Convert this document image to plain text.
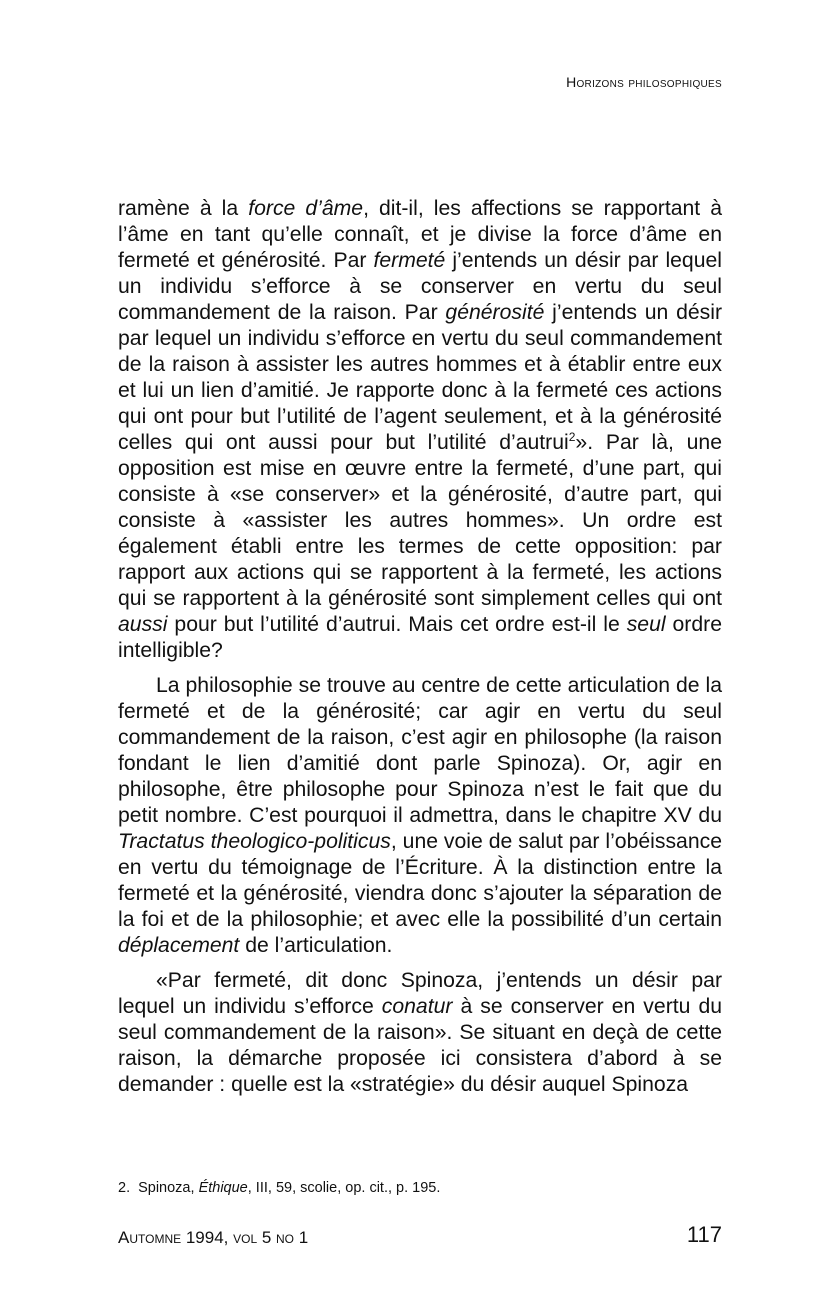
Horizons philosophiques

ramène à la force d’âme, dit-il, les affections se rapportant à l’âme en tant qu’elle connaît, et je divise la force d’âme en fermeté et générosité. Par fermeté j’entends un désir par lequel un individu s’efforce à se conserver en vertu du seul commandement de la raison. Par générosité j’entends un désir par lequel un individu s’efforce en vertu du seul commandement de la raison à assister les autres hommes et à établir entre eux et lui un lien d’amitié. Je rapporte donc à la fermeté ces actions qui ont pour but l’utilité de l’agent seulement, et à la générosité celles qui ont aussi pour but l’utilité d’autrui$^2$». Par là, une opposition est mise en œuvre entre la fermeté, d’une part, qui consiste à «se conserver» et la générosité, d’autre part, qui consiste à «assister les autres hommes». Un ordre est également établi entre les termes de cette opposition: par rapport aux actions qui se rapportent à la fermeté, les actions qui se rapportent à la générosité sont simplement celles qui ont aussi pour but l’utilité d’autrui. Mais cet ordre est-il le seul ordre intelligible?

La philosophie se trouve au centre de cette articulation de la fermeté et de la générosité; car agir en vertu du seul commandement de la raison, c’est agir en philosophe (la raison fondant le lien d’amitié dont parle Spinoza). Or, agir en philosophe, être philosophe pour Spinoza n’est le fait que du petit nombre. C’est pourquoi il admettra, dans le chapitre XV du Tractatus theologico-politicus, une voie de salut par l’obéissance en vertu du témoignage de l’Écriture. À la distinction entre la fermeté et la générosité, viendra donc s’ajouter la séparation de la foi et de la philosophie; et avec elle la possibilité d’un certain déplacement de l’articulation.

«Par fermeté, dit donc Spinoza, j’entends un désir par lequel un individu s’efforce conatur à se conserver en vertu du seul commandement de la raison». Se situant en deçà de cette raison, la démarche proposée ici consistera d’abord à se demander : quelle est la «stratégie» du désir auquel Spinoza

2. Spinoza, Éthique, III, 59, scolie, op. cit., p. 195.
Automne 1994, vol 5 no 1	117
